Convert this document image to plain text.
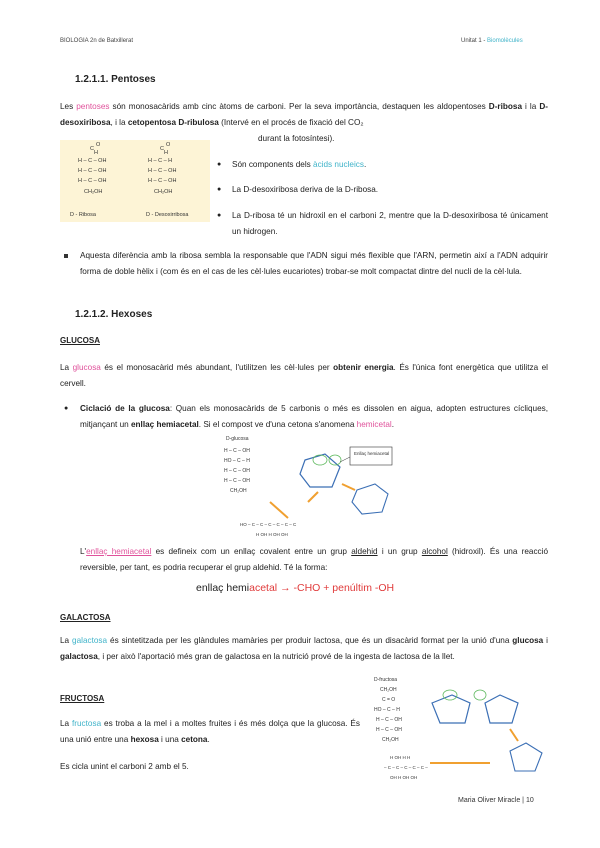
BIOLOGIA 2n de Batxillerat	Unitat 1 - Biomolècules
1.2.1.1. Pentoses
Les pentoses són monosacàrids amb cinc àtoms de carboni. Per la seva importància, destaquen les aldopentoses D-ribosa i la D-desoxiribosa, i la cetopentosa D-ribulosa (Intervé en el procés de fixació del CO₂
durant la fotosíntesi).
C
O
H
H – C – OH
H – C – OH
H – C – OH
CH₂OH
C
O
H
H – C – H
H – C – OH
H – C – OH
CH₂OH
D - Ribosa	D - Desoxirribosa
● Són components dels àcids nucleics.
● La D-desoxiribosa deriva de la D-ribosa.
● La D-ribosa té un hidroxil en el carboni 2, mentre que la D-desoxiribosa té únicament un hidrogen.
Aquesta diferència amb la ribosa sembla la responsable que l'ADN sigui més flexible que l'ARN, permetin així a l'ADN adquirir forma de doble hèlix i (com és en el cas de les cèl·lules eucariotes) trobar-se molt compactat dintre del nucli de la cèl·lula.
1.2.1.2. Hexoses
GLUCOSA
La glucosa és el monosacàrid més abundant, l'utilitzen les cèl·lules per obtenir energia. És l'única font energètica que utilitza el cervell.
● Ciclació de la glucosa: Quan els monosacàrids de 5 carbonis o més es dissolen en aigua, adopten estructures cícliques, mitjançant un enllaç hemiacetal. Si el compost ve d'una cetona s'anomena hemicetal.
D-glucosa
H – C – OH
HO – C – H
H – C – OH
H – C – OH
CH₂OH
Enllaç hemiacetal
HO – C – C – C – C – C – C
H OH H OH OH
L'enllaç hemiacetal es defineix com un enllaç covalent entre un grup aldehid i un grup alcohol (hidroxil). És una reacció reversible, per tant, es podria recuperar el grup aldehid. Té la forma:
enllaç hemiacetal → -CHO + penúltim -OH
GALACTOSA
La galactosa és sintetitzada per les glàndules mamàries per produir lactosa, que és un disacàrid format per la unió d'una glucosa i galactosa, i per això l'aportació més gran de galactosa en la nutrició prové de la ingesta de lactosa de la llet.
FRUCTOSA
La fructosa es troba a la mel i a moltes fruites i és més dolça que la glucosa. És una unió entre una hexosa i una cetona.
Es cicla unint el carboni 2 amb el 5.
D-fructosa
CH₂OH
C = O
HO – C – H
H – C – OH
H – C – OH
CH₂OH
H OH H H
– C – C – C – C – C –
OH H OH OH
Maria Oliver Miracle | 10
